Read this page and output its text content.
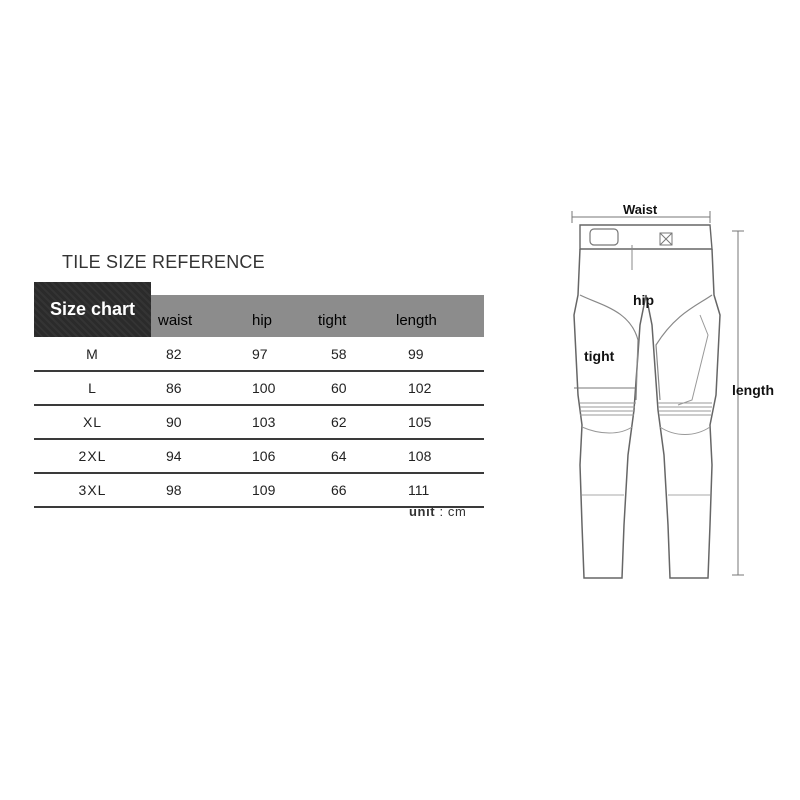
TILE SIZE REFERENCE
Size chart
waist	hip	tight	length
M	82	97	58	99
L	86	100	60	102
XL	90	103	62	105
2XL	94	106	64	108
3XL	98	109	66	111
unit : cm
Waist
hip
tight
length
